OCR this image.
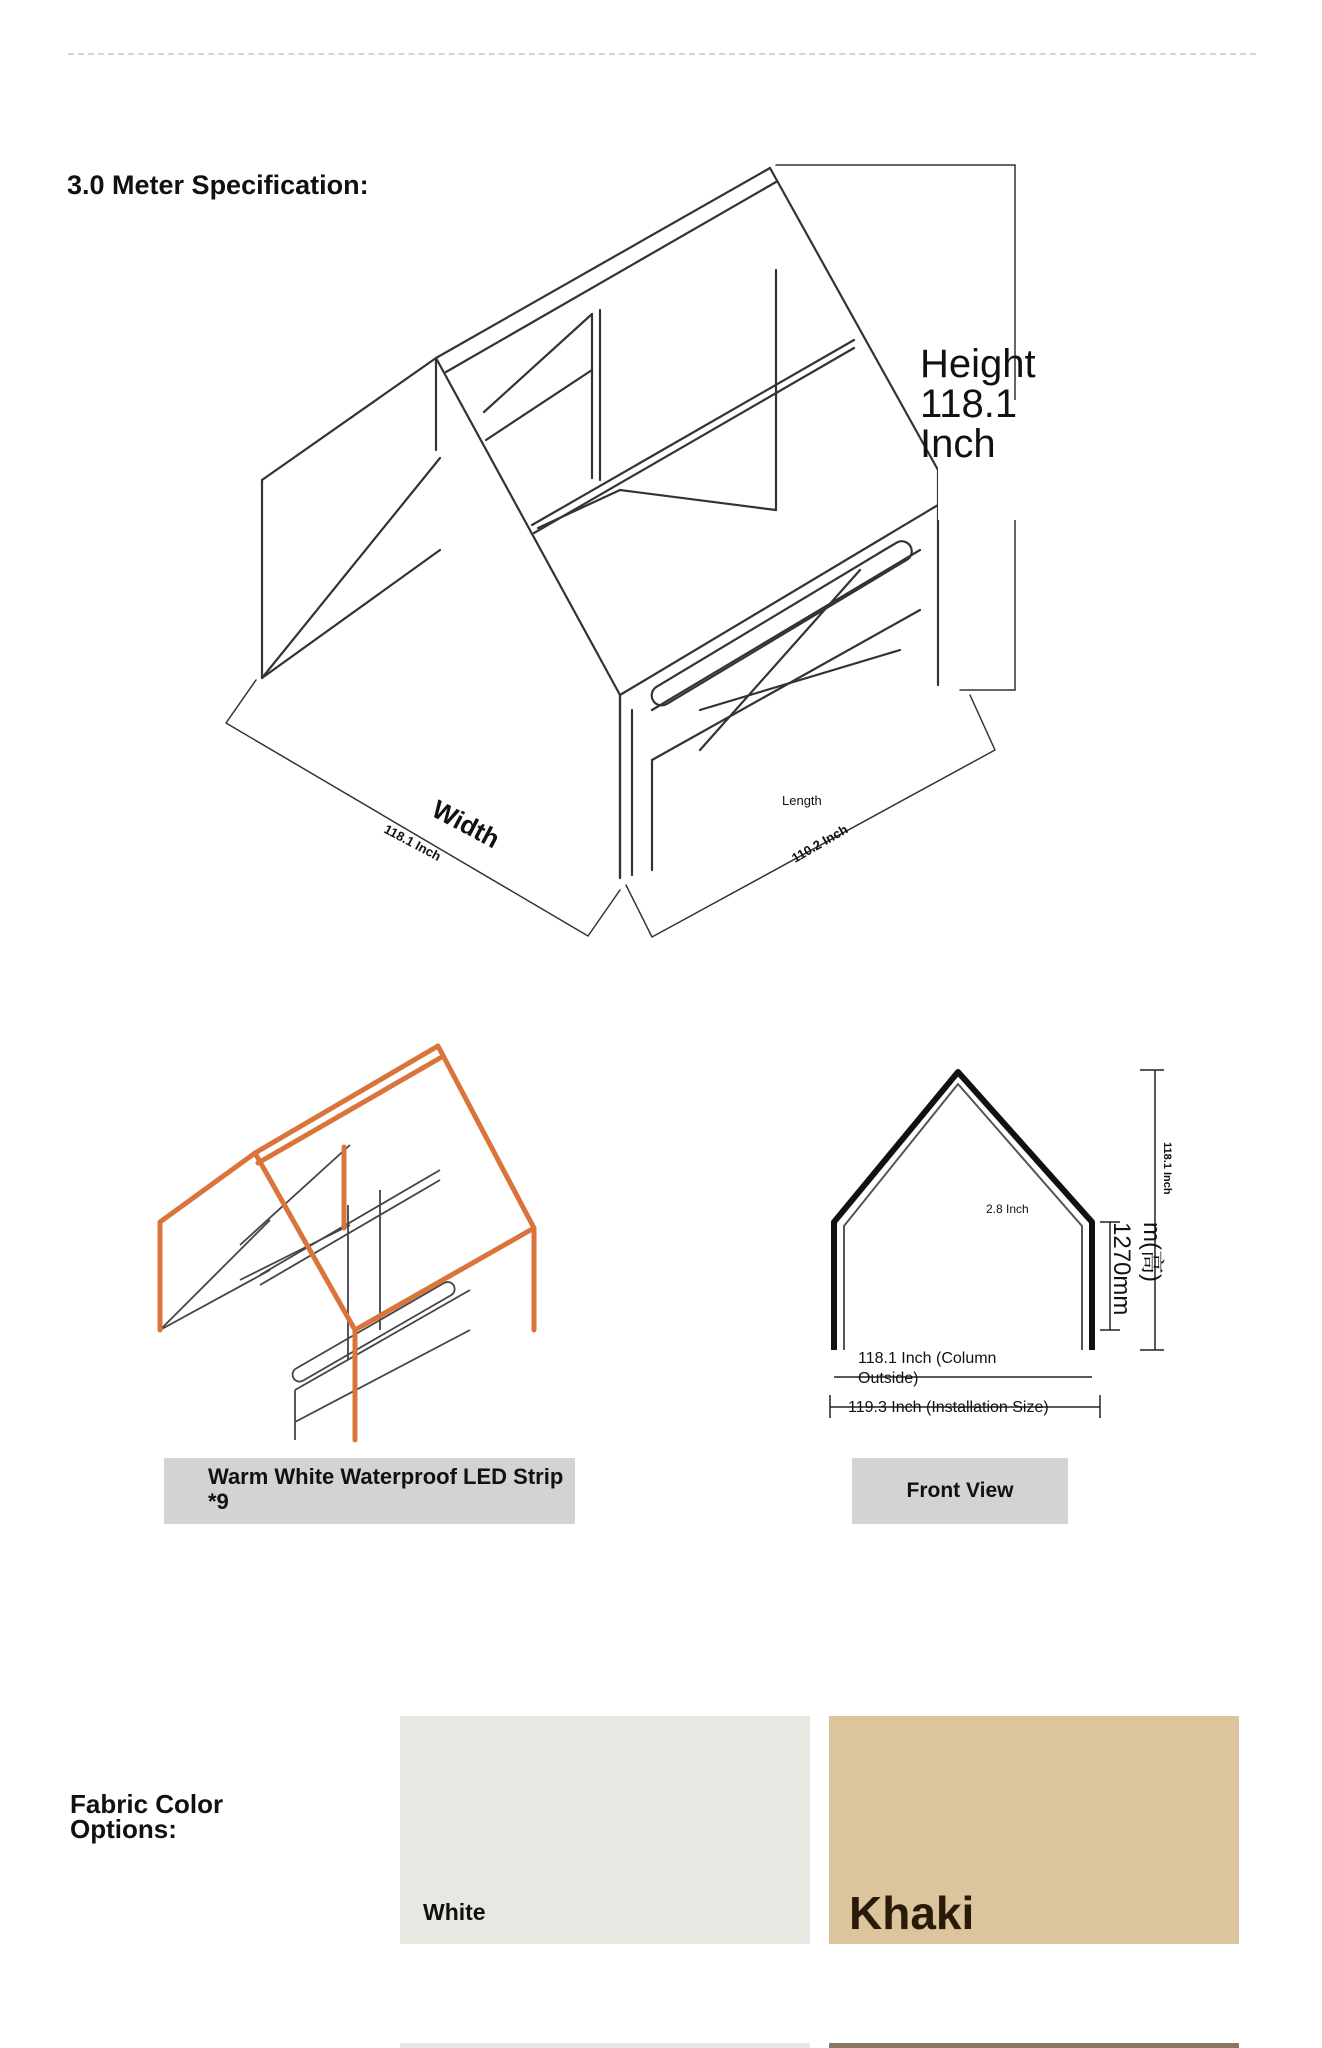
3.0 Meter Specification:
Width
118.1 Inch
Length
110.2 Inch
Height
118.1
Inch
Warm White Waterproof LED Strip *9
118.1 Inch
2.8 Inch
1270mm m(高)
118.1 Inch (Column
Outside)
119.3 Inch (Installation Size)
Front View
Fabric Color
Options:
White	Khaki
